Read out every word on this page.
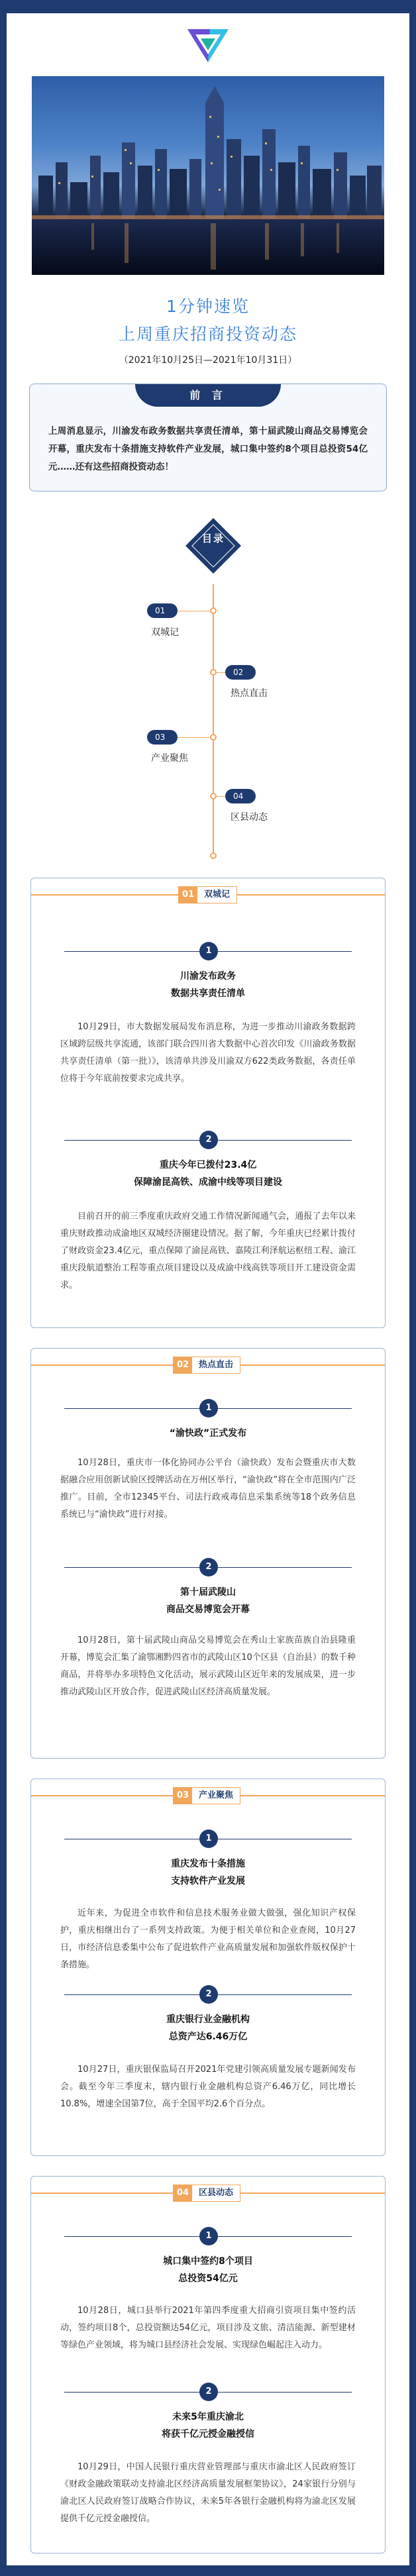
1分钟速览
上周重庆招商投资动态
（2021年10月25日—2021年10月31日）
前 言

上周消息显示，川渝发布政务数据共享责任清单，第十届武陵山商品交易博览会开幕，重庆发布十条措施支持软件产业发展，城口集中签约8个项目总投资54亿元……还有这些招商投资动态！

目录
01
双城记
02
热点直击
03
产业聚焦
04
区县动态
01	双城记
1
川渝发布政务
数据共享责任清单

10月29日，市大数据发展局发布消息称，为进一步推动川渝政务数据跨区域跨层级共享流通，该部门联合四川省大数据中心首次印发《川渝政务数据共享责任清单（第一批）》，该清单共涉及川渝双方622类政务数据，各责任单位将于今年底前按要求完成共享。

2
重庆今年已拨付23.4亿
保障渝昆高铁、成渝中线等项目建设

目前召开的前三季度重庆政府交通工作情况新闻通气会，通报了去年以来重庆财政推动成渝地区双城经济圈建设情况。据了解，今年重庆已经累计拨付了财政资金23.4亿元，重点保障了渝昆高铁、嘉陵江利泽航运枢纽工程、渝江重庆段航道整治工程等重点项目建设以及成渝中线高铁等项目开工建设资金需求。

02	热点直击
1
“渝快政”正式发布

10月28日，重庆市一体化协同办公平台（渝快政）发布会暨重庆市大数据融合应用创新试验区授牌活动在万州区举行，“渝快政”将在全市范围内广泛推广。目前，全市12345平台、司法行政戒毒信息采集系统等18个政务信息系统已与“渝快政”进行对接。

2
第十届武陵山
商品交易博览会开幕

10月28日，第十届武陵山商品交易博览会在秀山土家族苗族自治县隆重开幕，博览会汇集了渝鄂湘黔四省市的武陵山区10个区县（自治县）的数千种商品，并将举办多项特色文化活动，展示武陵山区近年来的发展成果，进一步推动武陵山区开放合作，促进武陵山区经济高质量发展。

03	产业聚焦
1
重庆发布十条措施
支持软件产业发展

近年来，为促进全市软件和信息技术服务业做大做强，强化知识产权保护，重庆相继出台了一系列支持政策。为便于相关单位和企业查阅，10月27日，市经济信息委集中公布了促进软件产业高质量发展和加强软件版权保护十条措施。

2
重庆银行业金融机构
总资产达6.46万亿

10月27日，重庆银保监局召开2021年党建引领高质量发展专题新闻发布会。截至今年三季度末，辖内银行业金融机构总资产6.46万亿，同比增长10.8%，增速全国第7位，高于全国平均2.6个百分点。

04	区县动态
1
城口集中签约8个项目
总投资54亿元

10月28日，城口县举行2021年第四季度重大招商引资项目集中签约活动，签约项目8个，总投资额达54亿元，项目涉及文旅、清洁能源、新型建材等绿色产业领域，将为城口县经济社会发展、实现绿色崛起注入动力。

2
未来5年重庆渝北
将获千亿元授金融授信

10月29日，中国人民银行重庆营业管理部与重庆市渝北区人民政府签订《财政金融政策联动支持渝北区经济高质量发展框架协议》，24家银行分别与渝北区人民政府签订战略合作协议，未来5年各银行金融机构将为渝北区发展提供千亿元授金融授信。
